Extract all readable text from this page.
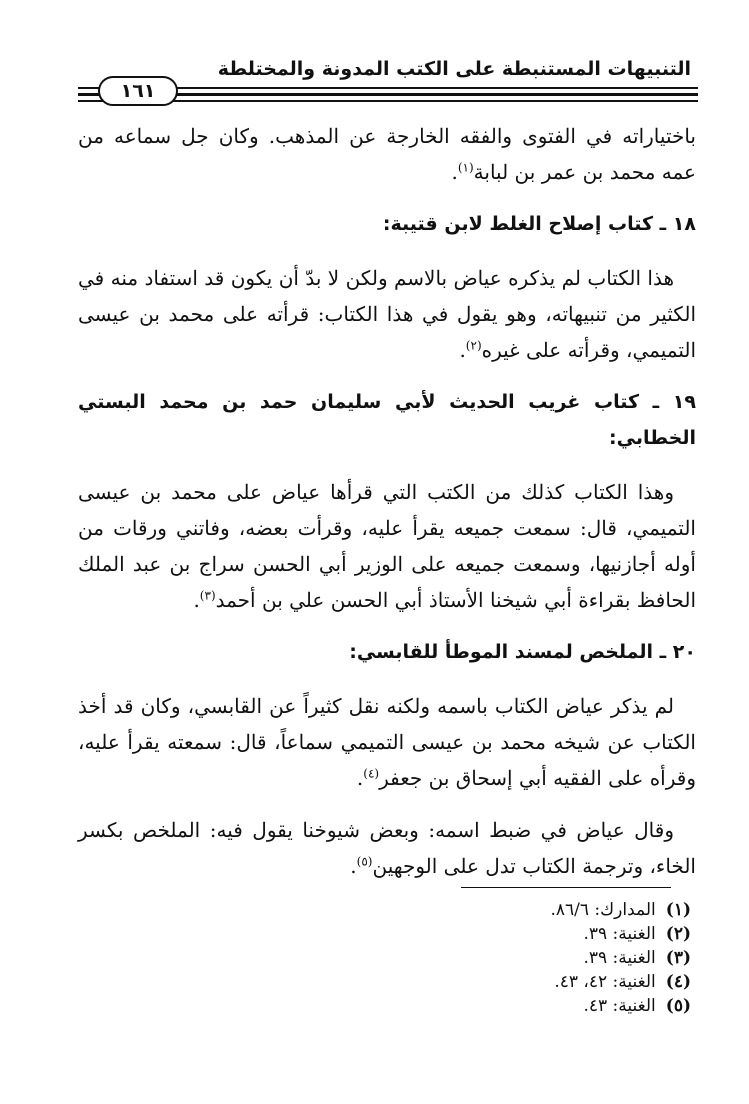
التنبيهات المستنبطة على الكتب المدونة والمختلطة
١٦١

باختياراته في الفتوى والفقه الخارجة عن المذهب. وكان جل سماعه من عمه محمد بن عمر بن لبابة$^{(١)}$.

١٨ ـ كتاب إصلاح الغلط لابن قتيبة:

هذا الكتاب لم يذكره عياض بالاسم ولكن لا بدّ أن يكون قد استفاد منه في الكثير من تنبيهاته، وهو يقول في هذا الكتاب: قرأته على محمد بن عيسى التميمي، وقرأته على غيره$^{(٢)}$.

١٩ ـ كتاب غريب الحديث لأبي سليمان حمد بن محمد البستي الخطابي:

وهذا الكتاب كذلك من الكتب التي قرأها عياض على محمد بن عيسى التميمي، قال: سمعت جميعه يقرأ عليه، وقرأت بعضه، وفاتني ورقات من أوله أجازنيها، وسمعت جميعه على الوزير أبي الحسن سراج بن عبد الملك الحافظ بقراءة أبي شيخنا الأستاذ أبي الحسن علي بن أحمد$^{(٣)}$.

٢٠ ـ الملخص لمسند الموطأ للقابسي:

لم يذكر عياض الكتاب باسمه ولكنه نقل كثيراً عن القابسي، وكان قد أخذ الكتاب عن شيخه محمد بن عيسى التميمي سماعاً، قال: سمعته يقرأ عليه، وقرأه على الفقيه أبي إسحاق بن جعفر$^{(٤)}$.

وقال عياض في ضبط اسمه: وبعض شيوخنا يقول فيه: الملخص بكسر الخاء، وترجمة الكتاب تدل على الوجهين$^{(٥)}$.

(١)المدارك: ٨٦/٦.
(٢)الغنية: ٣٩.
(٣)الغنية: ٣٩.
(٤)الغنية: ٤٢، ٤٣.
(٥)الغنية: ٤٣.
